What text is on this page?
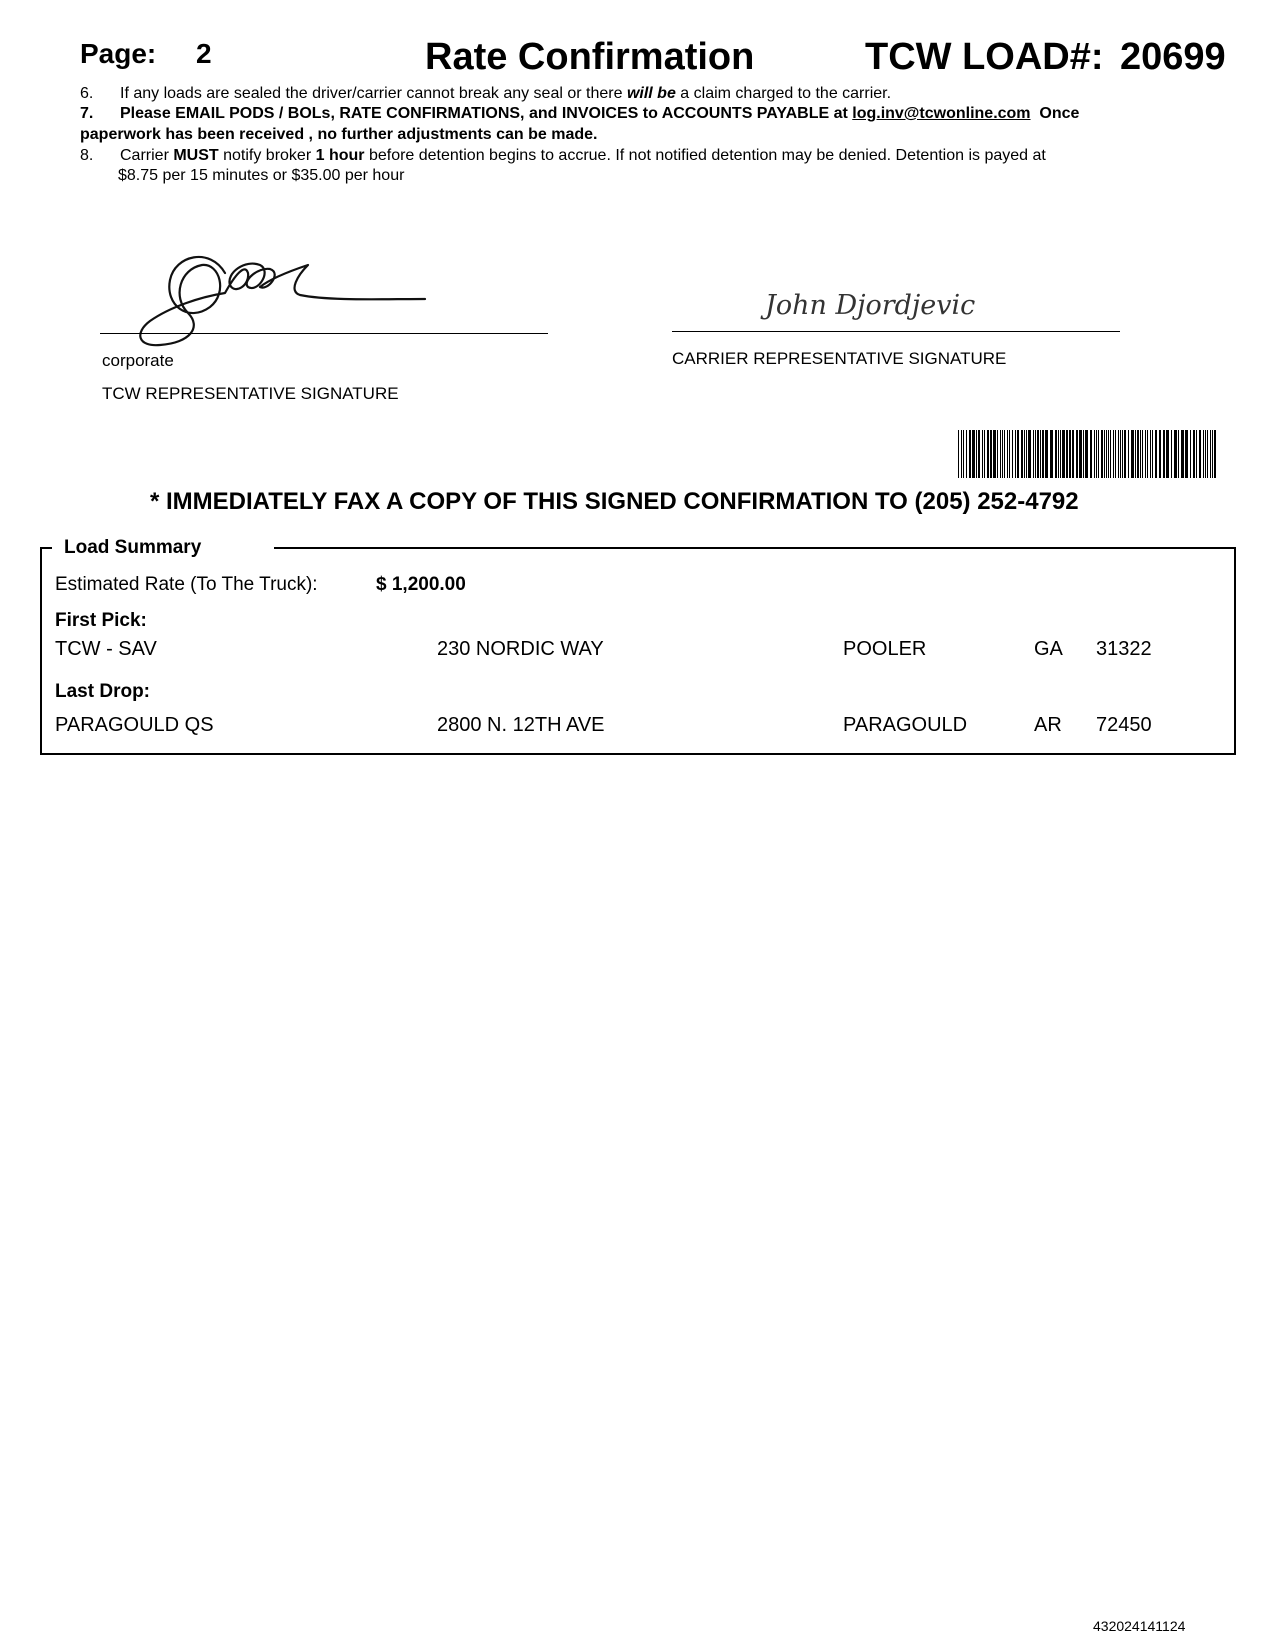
Page: 2	Rate Confirmation	TCW LOAD#: 20699
6. If any loads are sealed the driver/carrier cannot break any seal or there will be a claim charged to the carrier.
7. Please EMAIL PODS / BOLs, RATE CONFIRMATIONS, and INVOICES to ACCOUNTS PAYABLE at log.inv@tcwonline.com  Once
paperwork has been received , no further adjustments can be made.
8. Carrier MUST notify broker 1 hour before detention begins to accrue. If not notified detention may be denied. Detention is payed at
$8.75 per 15 minutes or $35.00 per hour
corporate
TCW REPRESENTATIVE SIGNATURE
John Djordjevic
CARRIER REPRESENTATIVE SIGNATURE
* IMMEDIATELY FAX A COPY OF THIS SIGNED CONFIRMATION TO (205) 252-4792
Load Summary
Estimated Rate (To The Truck):	$ 1,200.00
First Pick:
TCW - SAV	230 NORDIC WAY	POOLER	GA 31322
Last Drop:
PARAGOULD QS	2800 N. 12TH AVE	PARAGOULD	AR 72450
432024141124
